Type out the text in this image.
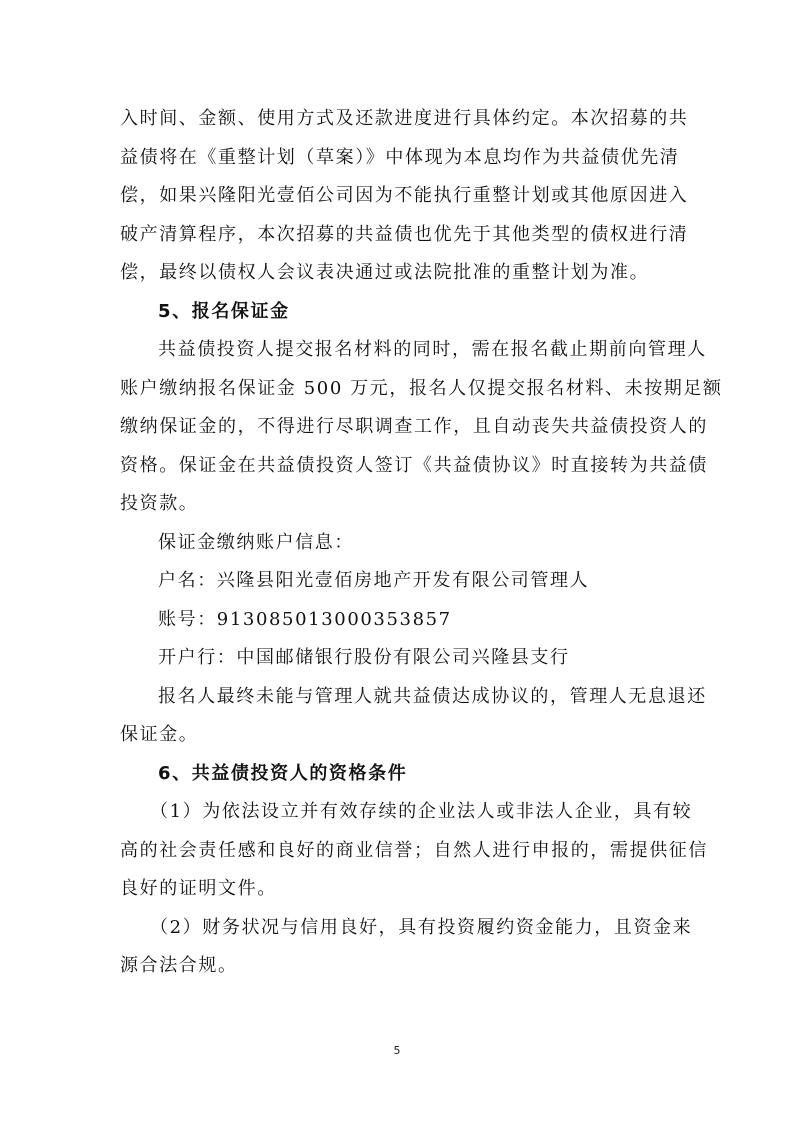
入时间、金额、使用方式及还款进度进行具体约定。本次招募的共
益债将在《重整计划（草案）》中体现为本息均作为共益债优先清
偿，如果兴隆阳光壹佰公司因为不能执行重整计划或其他原因进入
破产清算程序，本次招募的共益债也优先于其他类型的债权进行清
偿，最终以债权人会议表决通过或法院批准的重整计划为准。

5、报名保证金

共益债投资人提交报名材料的同时，需在报名截止期前向管理人
账户缴纳报名保证金 500 万元，报名人仅提交报名材料、未按期足额
缴纳保证金的，不得进行尽职调查工作，且自动丧失共益债投资人的
资格。保证金在共益债投资人签订《共益债协议》时直接转为共益债
投资款。

保证金缴纳账户信息：

户名：兴隆县阳光壹佰房地产开发有限公司管理人

账号：913085013000353857

开户行：中国邮储银行股份有限公司兴隆县支行

报名人最终未能与管理人就共益债达成协议的，管理人无息退还
保证金。

6、共益债投资人的资格条件

（1）为依法设立并有效存续的企业法人或非法人企业，具有较
高的社会责任感和良好的商业信誉；自然人进行申报的，需提供征信
良好的证明文件。

（2）财务状况与信用良好，具有投资履约资金能力，且资金来
源合法合规。

5
